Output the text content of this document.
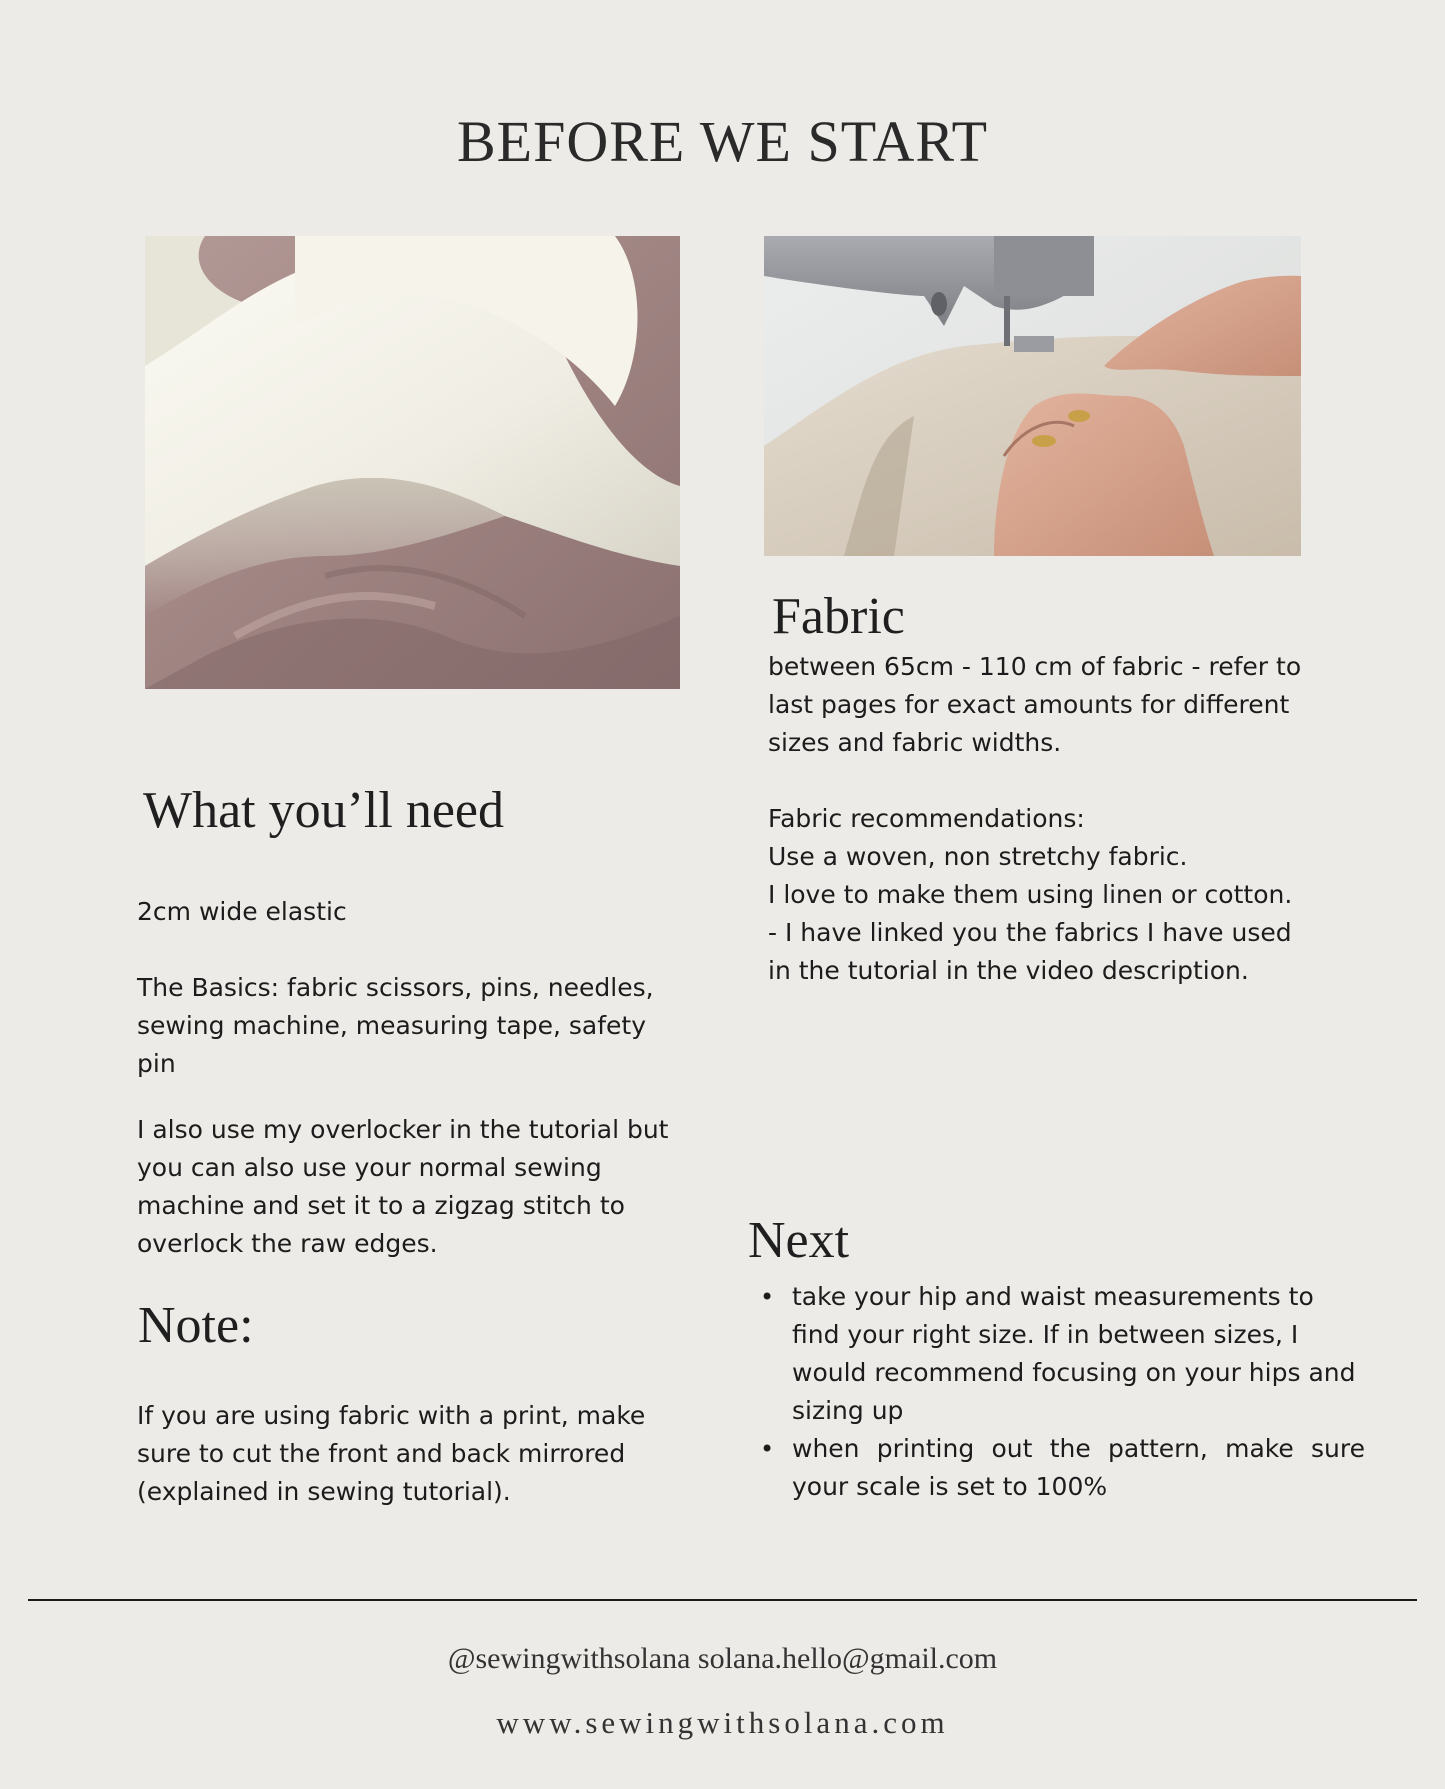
BEFORE WE START
Fabric
between 65cm - 110 cm of fabric - refer to
last pages for exact amounts for different
sizes and fabric widths.
Fabric recommendations:
Use a woven, non stretchy fabric.
I love to make them using linen or cotton.
- I have linked you the fabrics I have used
in the tutorial in the video description.
What you’ll need

2cm wide elastic

The Basics: fabric scissors, pins, needles, sewing machine, measuring tape, safety pin

I also use my overlocker in the tutorial but you can also use your normal sewing machine and set it to a zigzag stitch to overlock the raw edges.

Note:

If you are using fabric with a print, make sure to cut the front and back mirrored (explained in sewing tutorial).

Next
• take your hip and waist measurements to find your right size. If in between sizes, I would recommend focusing on your hips and sizing up
• when printing out the pattern, make sure your scale is set to 100%
@sewingwithsolana solana.hello@gmail.com
www.sewingwithsolana.com
